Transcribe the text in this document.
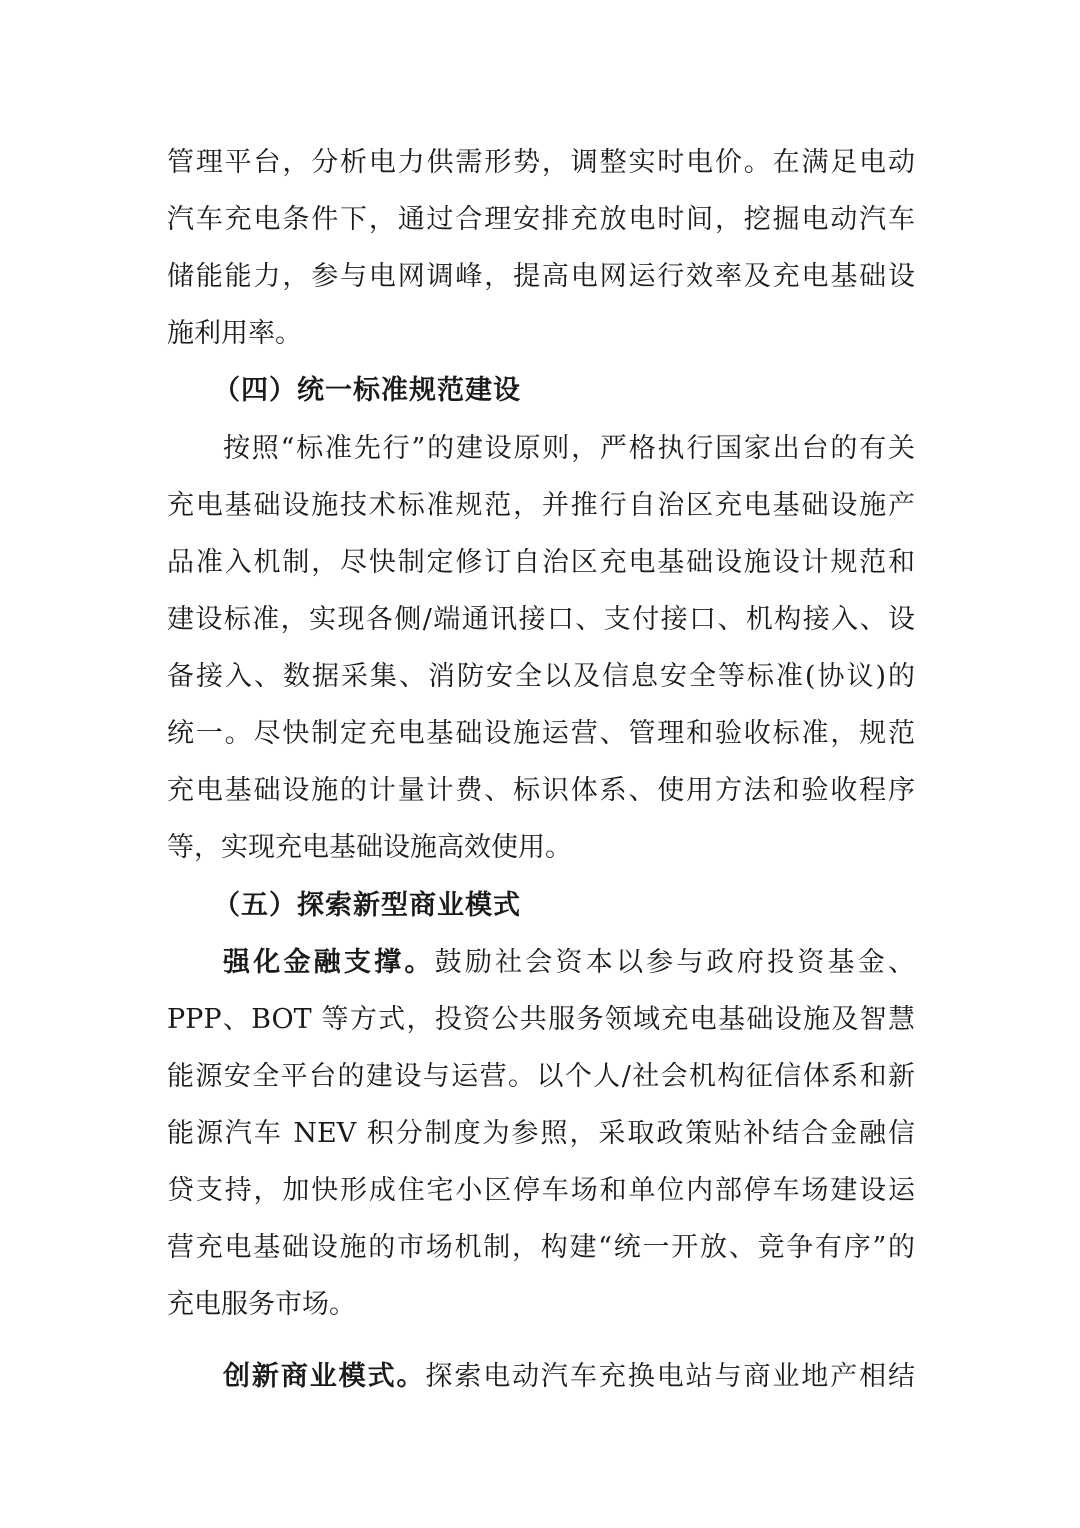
管理平台，分析电力供需形势，调整实时电价。在满足电动
汽车充电条件下，通过合理安排充放电时间，挖掘电动汽车
储能能力，参与电网调峰，提高电网运行效率及充电基础设
施利用率。
（四）统一标准规范建设
按照“标准先行”的建设原则，严格执行国家出台的有关
充电基础设施技术标准规范，并推行自治区充电基础设施产
品准入机制，尽快制定修订自治区充电基础设施设计规范和
建设标准，实现各侧/端通讯接口、支付接口、机构接入、设
备接入、数据采集、消防安全以及信息安全等标准(协议)的
统一。尽快制定充电基础设施运营、管理和验收标准，规范
充电基础设施的计量计费、标识体系、使用方法和验收程序
等，实现充电基础设施高效使用。
（五）探索新型商业模式
强化金融支撑。鼓励社会资本以参与政府投资基金、
PPP、BOT 等方式，投资公共服务领域充电基础设施及智慧
能源安全平台的建设与运营。以个人/社会机构征信体系和新
能源汽车 NEV 积分制度为参照，采取政策贴补结合金融信
贷支持，加快形成住宅小区停车场和单位内部停车场建设运
营充电基础设施的市场机制，构建“统一开放、竞争有序”的
充电服务市场。
创新商业模式。探索电动汽车充换电站与商业地产相结
